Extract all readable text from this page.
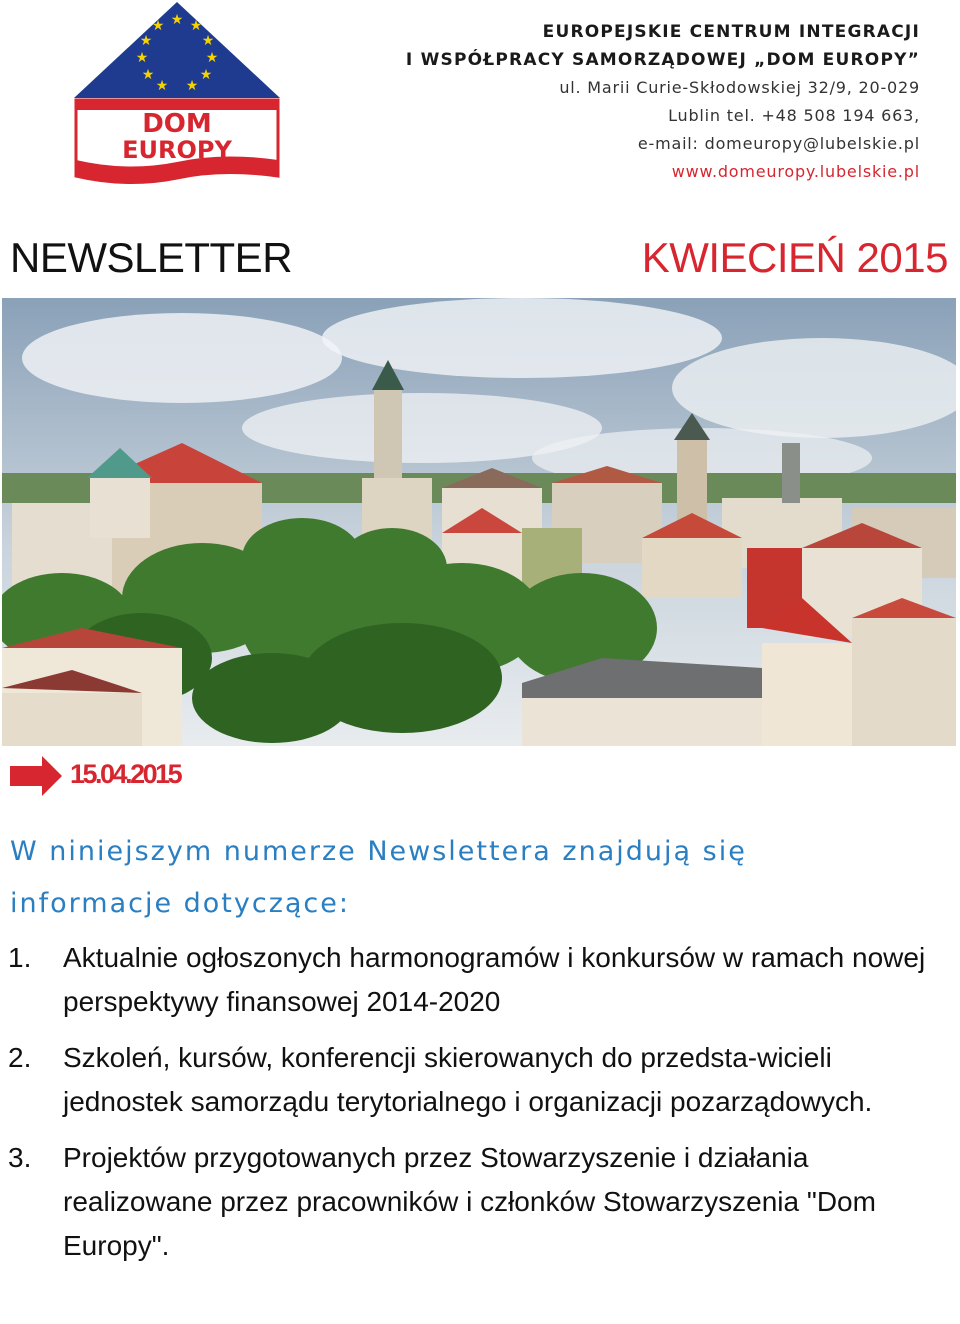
★ ★
★
★
★
★
★
★
★
★
★
DOM
EUROPY
EUROPEJSKIE CENTRUM INTEGRACJI
I WSPÓŁPRACY SAMORZĄDOWEJ „DOM EUROPY”
ul. Marii Curie-Skłodowskiej 32/9, 20-029
Lublin tel. +48 508 194 663,
e-mail: domeuropy@lubelskie.pl
www.domeuropy.lubelskie.pl
NEWSLETTER	KWIECIEŃ 2015
15.04.2015
W niniejszym numerze Newslettera znajdują się informacje dotyczące:
1.	Aktualnie ogłoszonych harmonogramów i konkursów w ramach nowej perspektywy finansowej 2014-2020
2.	Szkoleń, kursów, konferencji skierowanych do przedsta-wicieli jednostek samorządu terytorialnego i organizacji pozarządowych.
3.	Projektów przygotowanych przez Stowarzyszenie i działania realizowane przez pracowników i członków Stowarzyszenia "Dom Europy".
